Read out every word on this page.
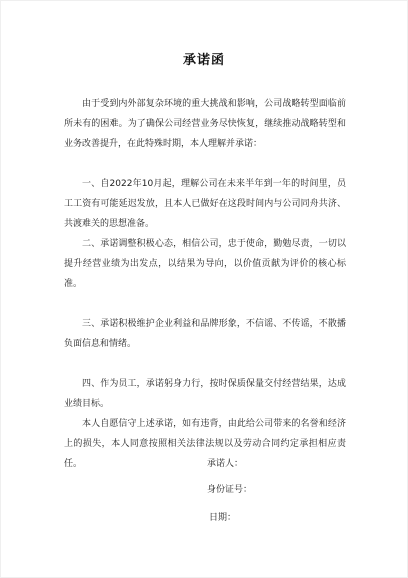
承诺函

由于受到内外部复杂环境的重大挑战和影响，公司战略转型面临前所未有的困难。为了确保公司经营业务尽快恢复，继续推动战略转型和业务改善提升，在此特殊时期，本人理解并承诺：

一、自2022年10月起，理解公司在未来半年到一年的时间里，员工工资有可能延迟发放，且本人已做好在这段时间内与公司同舟共济、共渡难关的思想准备。

二、承诺调整积极心态，相信公司，忠于使命，勤勉尽责，一切以提升经营业绩为出发点，以结果为导向，以价值贡献为评价的核心标准。

三、承诺积极维护企业利益和品牌形象，不信谣、不传谣，不散播负面信息和情绪。

四、作为员工，承诺躬身力行，按时保质保量交付经营结果，达成业绩目标。

本人自愿信守上述承诺，如有违背，由此给公司带来的名誉和经济上的损失，本人同意按照相关法律法规以及劳动合同约定承担相应责任。	承诺人：
身份证号：
日期：
